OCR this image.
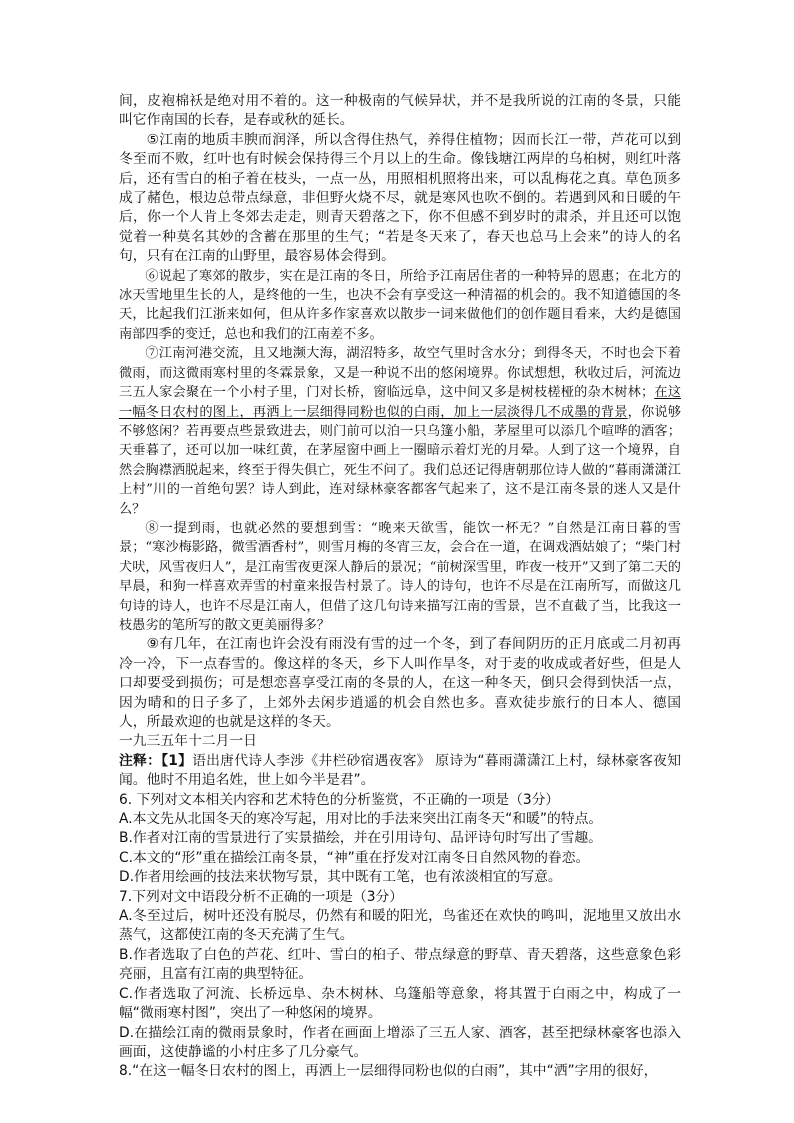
间，皮袍棉袄是绝对用不着的。这一种极南的气候异状，并不是我所说的江南的冬景，只能叫它作南国的长春，是春或秋的延长。

⑤江南的地质丰腴而润泽，所以含得住热气，养得住植物；因而长江一带，芦花可以到冬至而不败，红叶也有时候会保持得三个月以上的生命。像钱塘江两岸的乌桕树，则红叶落后，还有雪白的桕子着在枝头，一点一丛，用照相机照将出来，可以乱梅花之真。草色顶多成了赭色，根边总带点绿意，非但野火烧不尽，就是寒风也吹不倒的。若遇到风和日暖的午后，你一个人肯上冬郊去走走，则青天碧落之下，你不但感不到岁时的肃杀，并且还可以饱觉着一种莫名其妙的含蓄在那里的生气；“若是冬天来了，春天也总马上会来”的诗人的名句，只有在江南的山野里，最容易体会得到。

⑥说起了寒郊的散步，实在是江南的冬日，所给予江南居住者的一种特异的恩惠；在北方的冰天雪地里生长的人，是终他的一生，也决不会有享受这一种清福的机会的。我不知道德国的冬天，比起我们江浙来如何，但从许多作家喜欢以散步一词来做他们的创作题目看来，大约是德国南部四季的变迁，总也和我们的江南差不多。

⑦江南河港交流，且又地濒大海，湖沼特多，故空气里时含水分；到得冬天，不时也会下着微雨，而这微雨寒村里的冬霖景象，又是一种说不出的悠闲境界。你试想想，秋收过后，河流边三五人家会聚在一个小村子里，门对长桥，窗临远阜，这中间又多是树枝槎桠的杂木树林；在这一幅冬日农村的图上，再洒上一层细得同粉也似的白雨，加上一层淡得几不成墨的背景，你说够不够悠闲？若再要点些景致进去，则门前可以泊一只乌篷小船，茅屋里可以添几个喧哗的酒客；天垂暮了，还可以加一味红黄，在茅屋窗中画上一圈暗示着灯光的月晕。人到了这一个境界，自然会胸襟洒脱起来，终至于得失俱亡，死生不问了。我们总还记得唐朝那位诗人做的“暮雨潇潇江上村”川的一首绝句罢？诗人到此，连对绿林豪客都客气起来了，这不是江南冬景的迷人又是什么？

⑧一提到雨，也就必然的要想到雪：“晚来天欲雪，能饮一杯无？”自然是江南日暮的雪景；“寒沙梅影路，微雪酒香村”，则雪月梅的冬宵三友，会合在一道，在调戏酒姑娘了；“柴门村犬吠，风雪夜归人”，是江南雪夜更深人静后的景况；“前树深雪里，昨夜一枝开”又到了第二天的早晨，和狗一样喜欢弄雪的村童来报告村景了。诗人的诗句，也许不尽是在江南所写，而做这几句诗的诗人，也许不尽是江南人，但借了这几句诗来描写江南的雪景，岂不直截了当，比我这一枝愚劣的笔所写的散文更美丽得多？

⑨有几年，在江南也许会没有雨没有雪的过一个冬，到了春间阴历的正月底或二月初再冷一冷，下一点春雪的。像这样的冬天，乡下人叫作旱冬，对于麦的收成或者好些，但是人口却要受到损伤；可是想恋喜享受江南的冬景的人，在这一种冬天，倒只会得到快活一点，因为晴和的日子多了，上郊外去闲步逍遥的机会自然也多。喜欢徒步旅行的日本人、德国人，所最欢迎的也就是这样的冬天。

一九三五年十二月一日

注释：【1】语出唐代诗人李涉《井栏砂宿遇夜客》 原诗为“暮雨潇潇江上村，绿林豪客夜知闻。他时不用追名姓，世上如今半是君”。

6. 下列对文本相关内容和艺术特色的分析鉴赏，不正确的一项是（3分）

A.本文先从北国冬天的寒冷写起，用对比的手法来突出江南冬天“和暖”的特点。

B.作者对江南的雪景进行了实景描绘，并在引用诗句、品评诗句时写出了雪趣。

C.本文的“形”重在描绘江南冬景，“神”重在抒发对江南冬日自然风物的眷恋。

D.作者用绘画的技法来状物写景，其中既有工笔，也有浓淡相宜的写意。

7.下列对文中语段分析不正确的一项是（3分）

A.冬至过后，树叶还没有脱尽，仍然有和暖的阳光，鸟雀还在欢快的鸣叫，泥地里又放出水蒸气，这都使江南的冬天充满了生气。

B.作者选取了白色的芦花、红叶、雪白的桕子、带点绿意的野草、青天碧落，这些意象色彩亮丽，且富有江南的典型特征。

C.作者选取了河流、长桥远阜、杂木树林、乌篷船等意象，将其置于白雨之中，构成了一幅“微雨寒村图”，突出了一种悠闲的境界。

D.在描绘江南的微雨景象时，作者在画面上增添了三五人家、酒客，甚至把绿林豪客也添入画面，这使静谧的小村庄多了几分豪气。

8.“在这一幅冬日农村的图上，再洒上一层细得同粉也似的白雨”，其中“洒”字用的很好，
